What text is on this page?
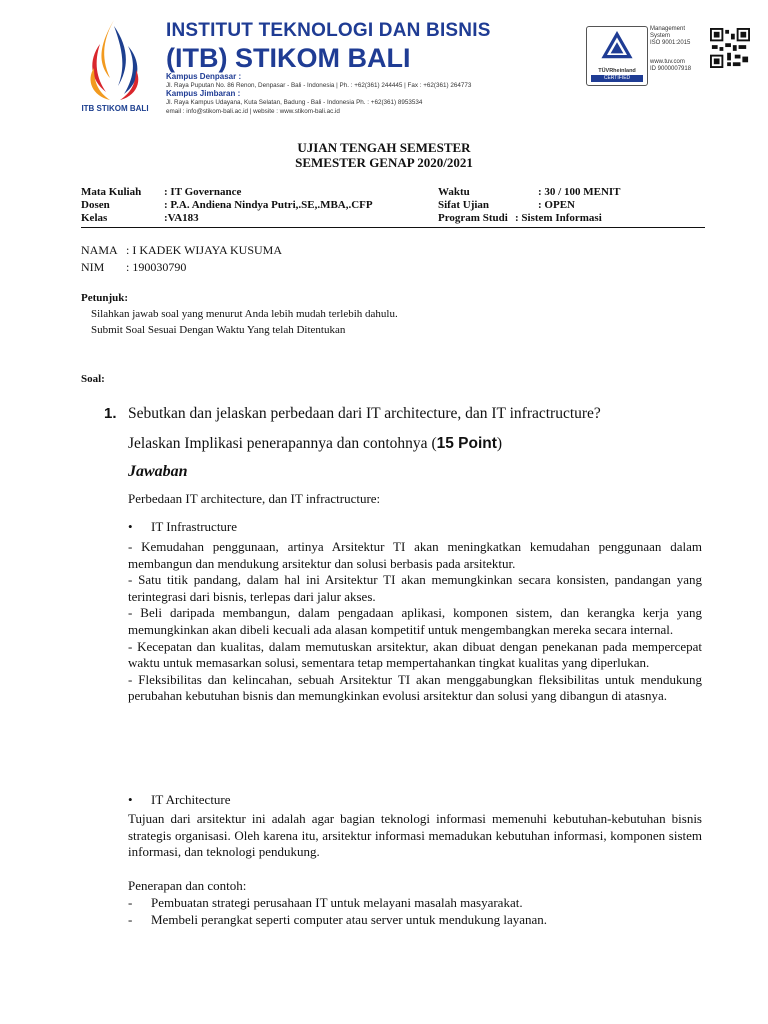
ITB STIKOM BALI
INSTITUT TEKNOLOGI DAN BISNIS
(ITB) STIKOM BALI
Kampus Denpasar :
Jl. Raya Puputan No. 86 Renon, Denpasar - Bali - Indonesia | Ph. : +62(361) 244445 | Fax : +62(361) 264773
Kampus Jimbaran :
Jl. Raya Kampus Udayana, Kuta Selatan, Badung - Bali - Indonesia Ph. : +62(361) 8953534
email : info@stikom-bali.ac.id | website : www.stikom-bali.ac.id
TÜVRheinland
CERTIFIED
Management
System
ISO 9001:2015
www.tuv.com
ID 9000007918
UJIAN TENGAH SEMESTER
SEMESTER GENAP 2020/2021
Mata Kuliah : IT Governance	Waktu	: 30 / 100 MENIT
Dosen	: P.A. Andiena Nindya Putri,.SE,.MBA,.CFP	Sifat Ujian	: OPEN
Kelas	:VA183	Program Studi : Sistem Informasi
NAMA : I KADEK WIJAYA KUSUMA
NIM : 190030790
Petunjuk:
Silahkan jawab soal yang menurut Anda lebih mudah terlebih dahulu.
Submit Soal Sesuai Dengan Waktu Yang telah Ditentukan
Soal:
1. Sebutkan dan jelaskan perbedaan dari IT architecture, dan IT infractructure?
Jelaskan Implikasi penerapannya dan contohnya (15 Point)
Jawaban
Perbedaan IT architecture, dan IT infractructure:
• IT Infrastructure

- Kemudahan penggunaan, artinya Arsitektur TI akan meningkatkan kemudahan penggunaan dalam membangun dan mendukung arsitektur dan solusi berbasis pada arsitektur.

- Satu titik pandang, dalam hal ini Arsitektur TI akan memungkinkan secara konsisten, pandangan yang terintegrasi dari bisnis, terlepas dari jalur akses.

- Beli daripada membangun, dalam pengadaan aplikasi, komponen sistem, dan kerangka kerja yang memungkinkan akan dibeli kecuali ada alasan kompetitif untuk mengembangkan mereka secara internal.

- Kecepatan dan kualitas, dalam memutuskan arsitektur, akan dibuat dengan penekanan pada mempercepat waktu untuk memasarkan solusi, sementara tetap mempertahankan tingkat kualitas yang diperlukan.

- Fleksibilitas dan kelincahan, sebuah Arsitektur TI akan menggabungkan fleksibilitas untuk mendukung perubahan kebutuhan bisnis dan memungkinkan evolusi arsitektur dan solusi yang dibangun di atasnya.

• IT Architecture
Tujuan dari arsitektur ini adalah agar bagian teknologi informasi memenuhi kebutuhan-kebutuhan bisnis strategis organisasi. Oleh karena itu, arsitektur informasi memadukan kebutuhan informasi, komponen sistem informasi, dan teknologi pendukung.
Penerapan dan contoh:
- Pembuatan strategi perusahaan IT untuk melayani masalah masyarakat.
- Membeli perangkat seperti computer atau server untuk mendukung layanan.
